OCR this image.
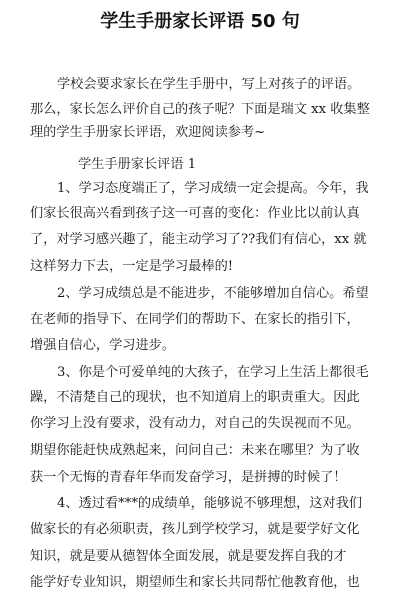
学生手册家长评语 50 句
学校会要求家长在学生手册中，写上对孩子的评语。
那么，家长怎么评价自己的孩子呢？下面是瑞文 xx 收集整
理的学生手册家长评语，欢迎阅读参考~
学生手册家长评语 1
1、学习态度端正了，学习成绩一定会提高。今年，我
们家长很高兴看到孩子这一可喜的变化：作业比以前认真
了，对学习感兴趣了，能主动学习了??我们有信心，xx 就
这样努力下去，一定是学习最棒的!
2、学习成绩总是不能进步，不能够增加自信心。希望
在老师的指导下、在同学们的帮助下、在家长的指引下，
增强自信心，学习进步。
3、你是个可爱单纯的大孩子，在学习上生活上都很毛
躁，不清楚自己的现状，也不知道肩上的职责重大。因此
你学习上没有要求，没有动力，对自己的失误视而不见。
期望你能赶快成熟起来，问问自己：未来在哪里？为了收
获一个无悔的青春年华而发奋学习，是拼搏的时候了！
4、透过看***的成绩单，能够说不够理想，这对我们
做家长的有必须职责，孩儿到学校学习，就是要学好文化
知识，就是要从德智体全面发展，就是要发挥自我的才
能学好专业知识，期望师生和家长共同帮忙他教育他，也
